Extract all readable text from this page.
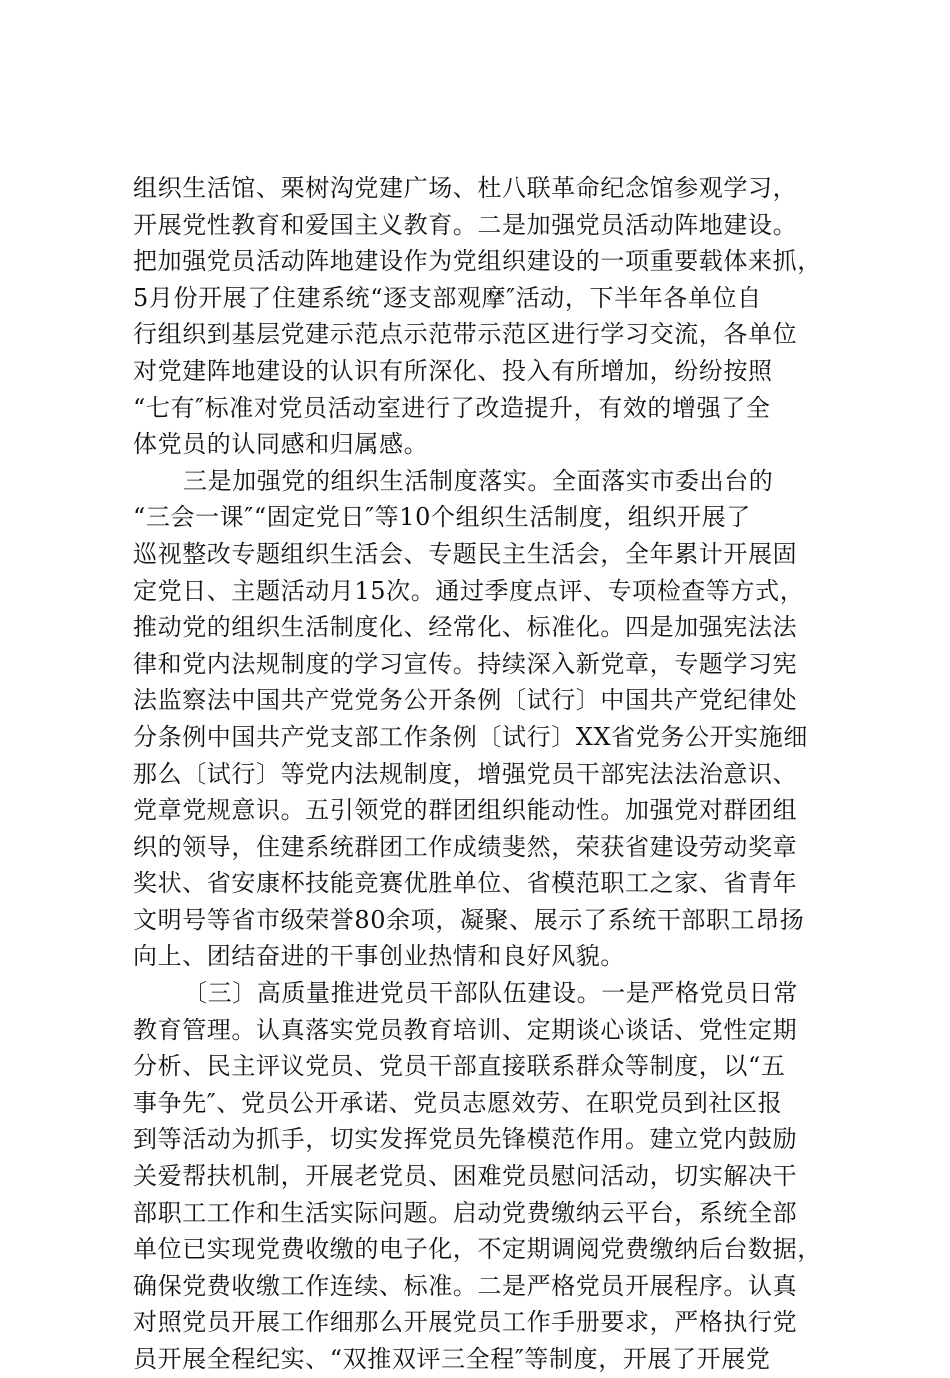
组织生活馆、栗树沟党建广场、杜八联革命纪念馆参观学习，
开展党性教育和爱国主义教育。二是加强党员活动阵地建设。
把加强党员活动阵地建设作为党组织建设的一项重要载体来抓，
5月份开展了住建系统“逐支部观摩″活动，下半年各单位自
行组织到基层党建示范点示范带示范区进行学习交流，各单位
对党建阵地建设的认识有所深化、投入有所增加，纷纷按照
“七有″标准对党员活动室进行了改造提升，有效的增强了全
体党员的认同感和归属感。
三是加强党的组织生活制度落实。全面落实市委出台的
“三会一课″“固定党日″等10个组织生活制度，组织开展了
巡视整改专题组织生活会、专题民主生活会，全年累计开展固
定党日、主题活动月15次。通过季度点评、专项检查等方式，
推动党的组织生活制度化、经常化、标准化。四是加强宪法法
律和党内法规制度的学习宣传。持续深入新党章，专题学习宪
法监察法中国共产党党务公开条例〔试行〕中国共产党纪律处
分条例中国共产党支部工作条例〔试行〕XX省党务公开实施细
那么〔试行〕等党内法规制度，增强党员干部宪法法治意识、
党章党规意识。五引领党的群团组织能动性。加强党对群团组
织的领导，住建系统群团工作成绩斐然，荣获省建设劳动奖章
奖状、省安康杯技能竞赛优胜单位、省模范职工之家、省青年
文明号等省市级荣誉80余项，凝聚、展示了系统干部职工昂扬
向上、团结奋进的干事创业热情和良好风貌。
〔三〕高质量推进党员干部队伍建设。一是严格党员日常
教育管理。认真落实党员教育培训、定期谈心谈话、党性定期
分析、民主评议党员、党员干部直接联系群众等制度，以“五
事争先″、党员公开承诺、党员志愿效劳、在职党员到社区报
到等活动为抓手，切实发挥党员先锋模范作用。建立党内鼓励
关爱帮扶机制，开展老党员、困难党员慰问活动，切实解决干
部职工工作和生活实际问题。启动党费缴纳云平台，系统全部
单位已实现党费收缴的电子化，不定期调阅党费缴纳后台数据，
确保党费收缴工作连续、标准。二是严格党员开展程序。认真
对照党员开展工作细那么开展党员工作手册要求，严格执行党
员开展全程纪实、“双推双评三全程″等制度，开展了开展党
